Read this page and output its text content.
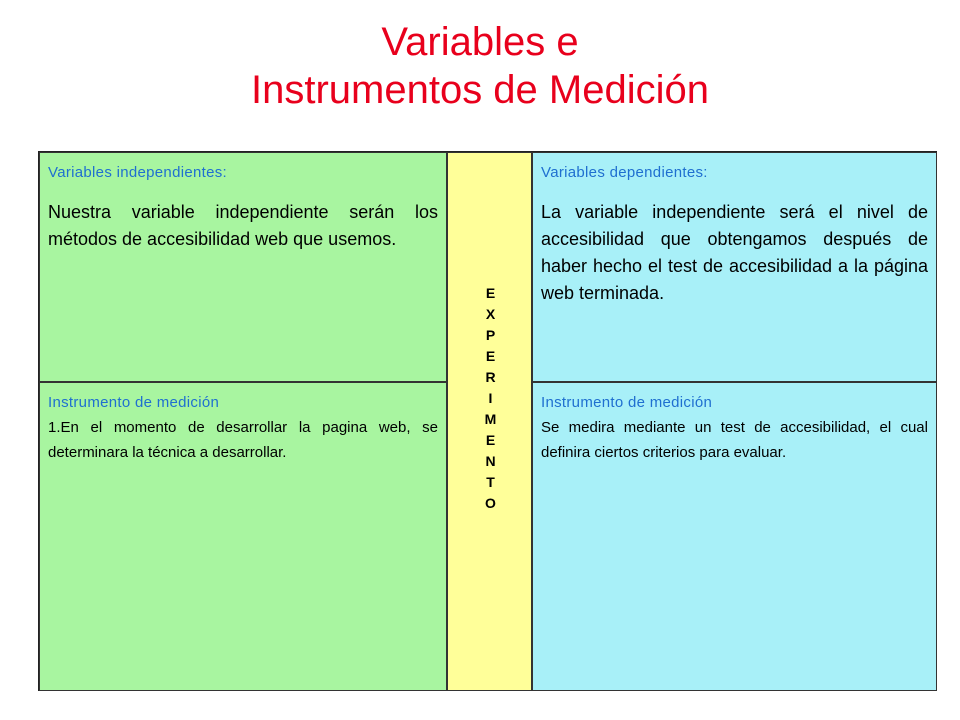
Variables e
Instrumentos de Medición
Variables independientes:
Nuestra variable independiente serán los métodos de accesibilidad web que usemos.
Instrumento de medición
1.En el momento de desarrollar la pagina web, se determinara la técnica a desarrollar.
E
X
P
E
R
I
M
E
N
T
O
Variables dependientes:
La variable independiente será el nivel de accesibilidad que obtengamos después de haber hecho el test de accesibilidad a la página web terminada.
Instrumento de medición
Se medira mediante un test de accesibilidad, el cual definira ciertos criterios para evaluar.
